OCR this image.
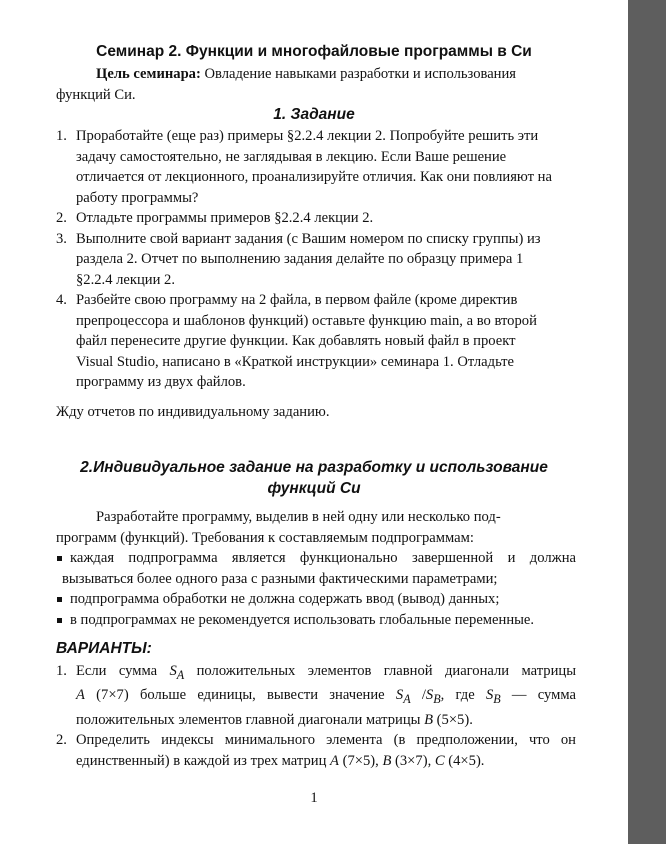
Семинар 2. Функции и многофайловые программы в Си
Цель семинара: Овладение навыками разработки и использования
функций Си.
1. Задание
1. Проработайте (еще раз) примеры §2.2.4 лекции 2. Попробуйте решить эти
задачу самостоятельно, не заглядывая в лекцию. Если Ваше решение
отличается от лекционного, проанализируйте отличия. Как они повлияют на
работу программы?
2. Отладьте программы примеров §2.2.4 лекции 2.
3. Выполните свой вариант задания (с Вашим номером по списку группы) из
раздела 2. Отчет по выполнению задания делайте по образцу примера 1
§2.2.4 лекции 2.
4. Разбейте свою программу на 2 файла, в первом файле (кроме директив
препроцессора и шаблонов функций) оставьте функцию main, а во второй
файл перенесите другие функции. Как добавлять новый файл в проект
Visual Studio, написано в «Краткой инструкции» семинара 1. Отладьте
программу из двух файлов.
Жду отчетов по индивидуальному заданию.
2.Индивидуальное задание на разработку и использование
функций Си
Разработайте программу, выделив в ней одну или несколько под-
программ (функций). Требования к составляемым подпрограммам:
каждая подпрограмма является функционально завершенной и должна
вызываться более одного раза с разными фактическими параметрами;
подпрограмма обработки не должна содержать ввод (вывод) данных;
в подпрограммах не рекомендуется использовать глобальные переменные.
ВАРИАНТЫ:
1. Если сумма $S_A$ положительных элементов главной диагонали матрицы
A (7×7) больше единицы, вывести значение $S_A$ $/S_B$, где $S_B$ — сумма
положительных элементов главной диагонали матрицы B (5×5).
2. Определить индексы минимального элемента (в предположении, что он
единственный) в каждой из трех матриц A (7×5), B (3×7), C (4×5).
1
